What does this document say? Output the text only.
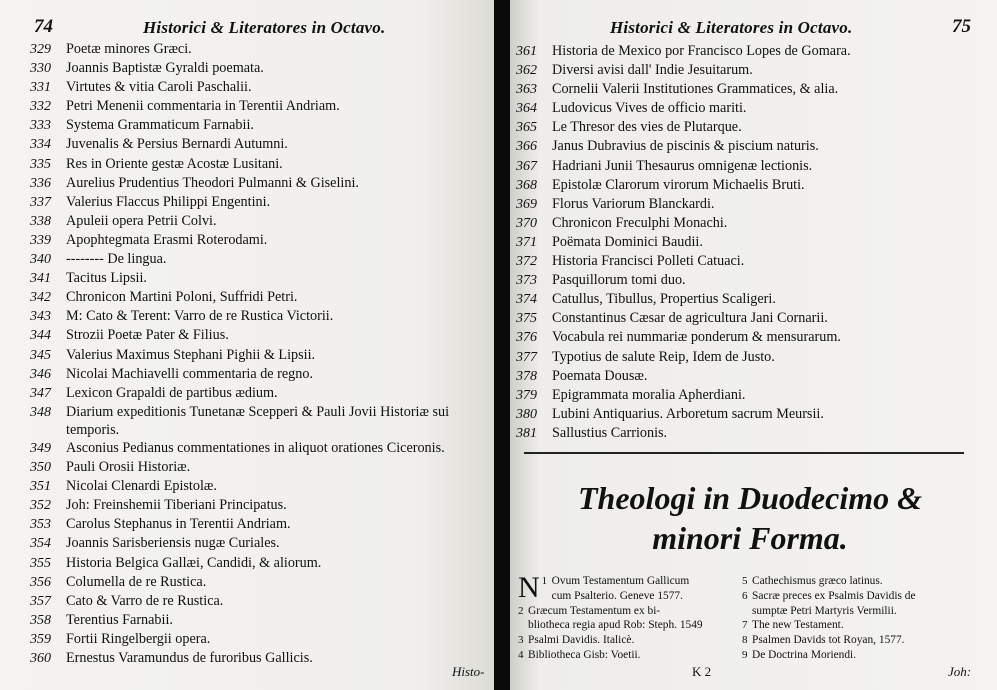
74	Historici & Literatores in Octavo.
329 Poetæ minores Græci.
330 Joannis Baptistæ Gyraldi poemata.
331 Virtutes & vitia Caroli Paschalii.
332 Petri Menenii commentaria in Terentii Andriam.
333 Systema Grammaticum Farnabii.
334 Juvenalis & Persius Bernardi Autumni.
335 Res in Oriente gestæ Acostæ Lusitani.
336 Aurelius Prudentius Theodori Pulmanni & Giselini.
337 Valerius Flaccus Philippi Engentini.
338 Apuleii opera Petrii Colvi.
339 Apophtegmata Erasmi Roterodami.
340 -------- De lingua.
341 Tacitus Lipsii.
342 Chronicon Martini Poloni, Suffridi Petri.
343 M: Cato & Terent: Varro de re Rustica Victorii.
344 Strozii Poetæ Pater & Filius.
345 Valerius Maximus Stephani Pighii & Lipsii.
346 Nicolai Machiavelli commentaria de regno.
347 Lexicon Grapaldi de partibus ædium.
348 Diarium expeditionis Tunetanæ Scepperi & Pauli Jovii Historiæ sui temporis.
349 Asconius Pedianus commentationes in aliquot orationes Ciceronis.
350 Pauli Orosii Historiæ.
351 Nicolai Clenardi Epistolæ.
352 Joh: Freinshemii Tiberiani Principatus.
353 Carolus Stephanus in Terentii Andriam.
354 Joannis Sarisberiensis nugæ Curiales.
355 Historia Belgica Gallæi, Candidi, & aliorum.
356 Columella de re Rustica.
357 Cato & Varro de re Rustica.
358 Terentius Farnabii.
359 Fortii Ringelbergii opera.
360 Ernestus Varamundus de furoribus Gallicis.
Histo-
Historici & Literatores in Octavo.	75
361 Historia de Mexico por Francisco Lopes de Gomara.
362 Diversi avisi dall' Indie Jesuitarum.
363 Cornelii Valerii Institutiones Grammatices, & alia.
364 Ludovicus Vives de officio mariti.
365 Le Thresor des vies de Plutarque.
366 Janus Dubravius de piscinis & piscium naturis.
367 Hadriani Junii Thesaurus omnigenæ lectionis.
368 Epistolæ Clarorum virorum Michaelis Bruti.
369 Florus Variorum Blanckardi.
370 Chronicon Freculphi Monachi.
371 Poëmata Dominici Baudii.
372 Historia Francisci Polleti Catuaci.
373 Pasquillorum tomi duo.
374 Catullus, Tibullus, Propertius Scaligeri.
375 Constantinus Cæsar de agricultura Jani Cornarii.
376 Vocabula rei nummariæ ponderum & mensurarum.
377 Typotius de salute Reip, Idem de Justo.
378 Poemata Dousæ.
379 Epigrammata moralia Apherdiani.
380 Lubini Antiquarius. Arboretum sacrum Meursii.
381 Sallustius Carrionis.
Theologi in Duodecimo &
minori Forma.
1
N Ovum Testamentum Gallicum
cum Psalterio. Geneve 1577.
2 Græcum Testamentum ex bi-
bliotheca regia apud Rob: Steph. 1549
3 Psalmi Davidis. Italicè.
4 Bibliotheca Gisb: Voetii.
5 Cathechismus græco latinus.
6 Sacræ preces ex Psalmis Davidis de
sumptæ Petri Martyris Vermilii.
7 The new Testament.
8 Psalmen Davids tot Royan, 1577.
9 De Doctrina Moriendi.
K 2	Joh:
